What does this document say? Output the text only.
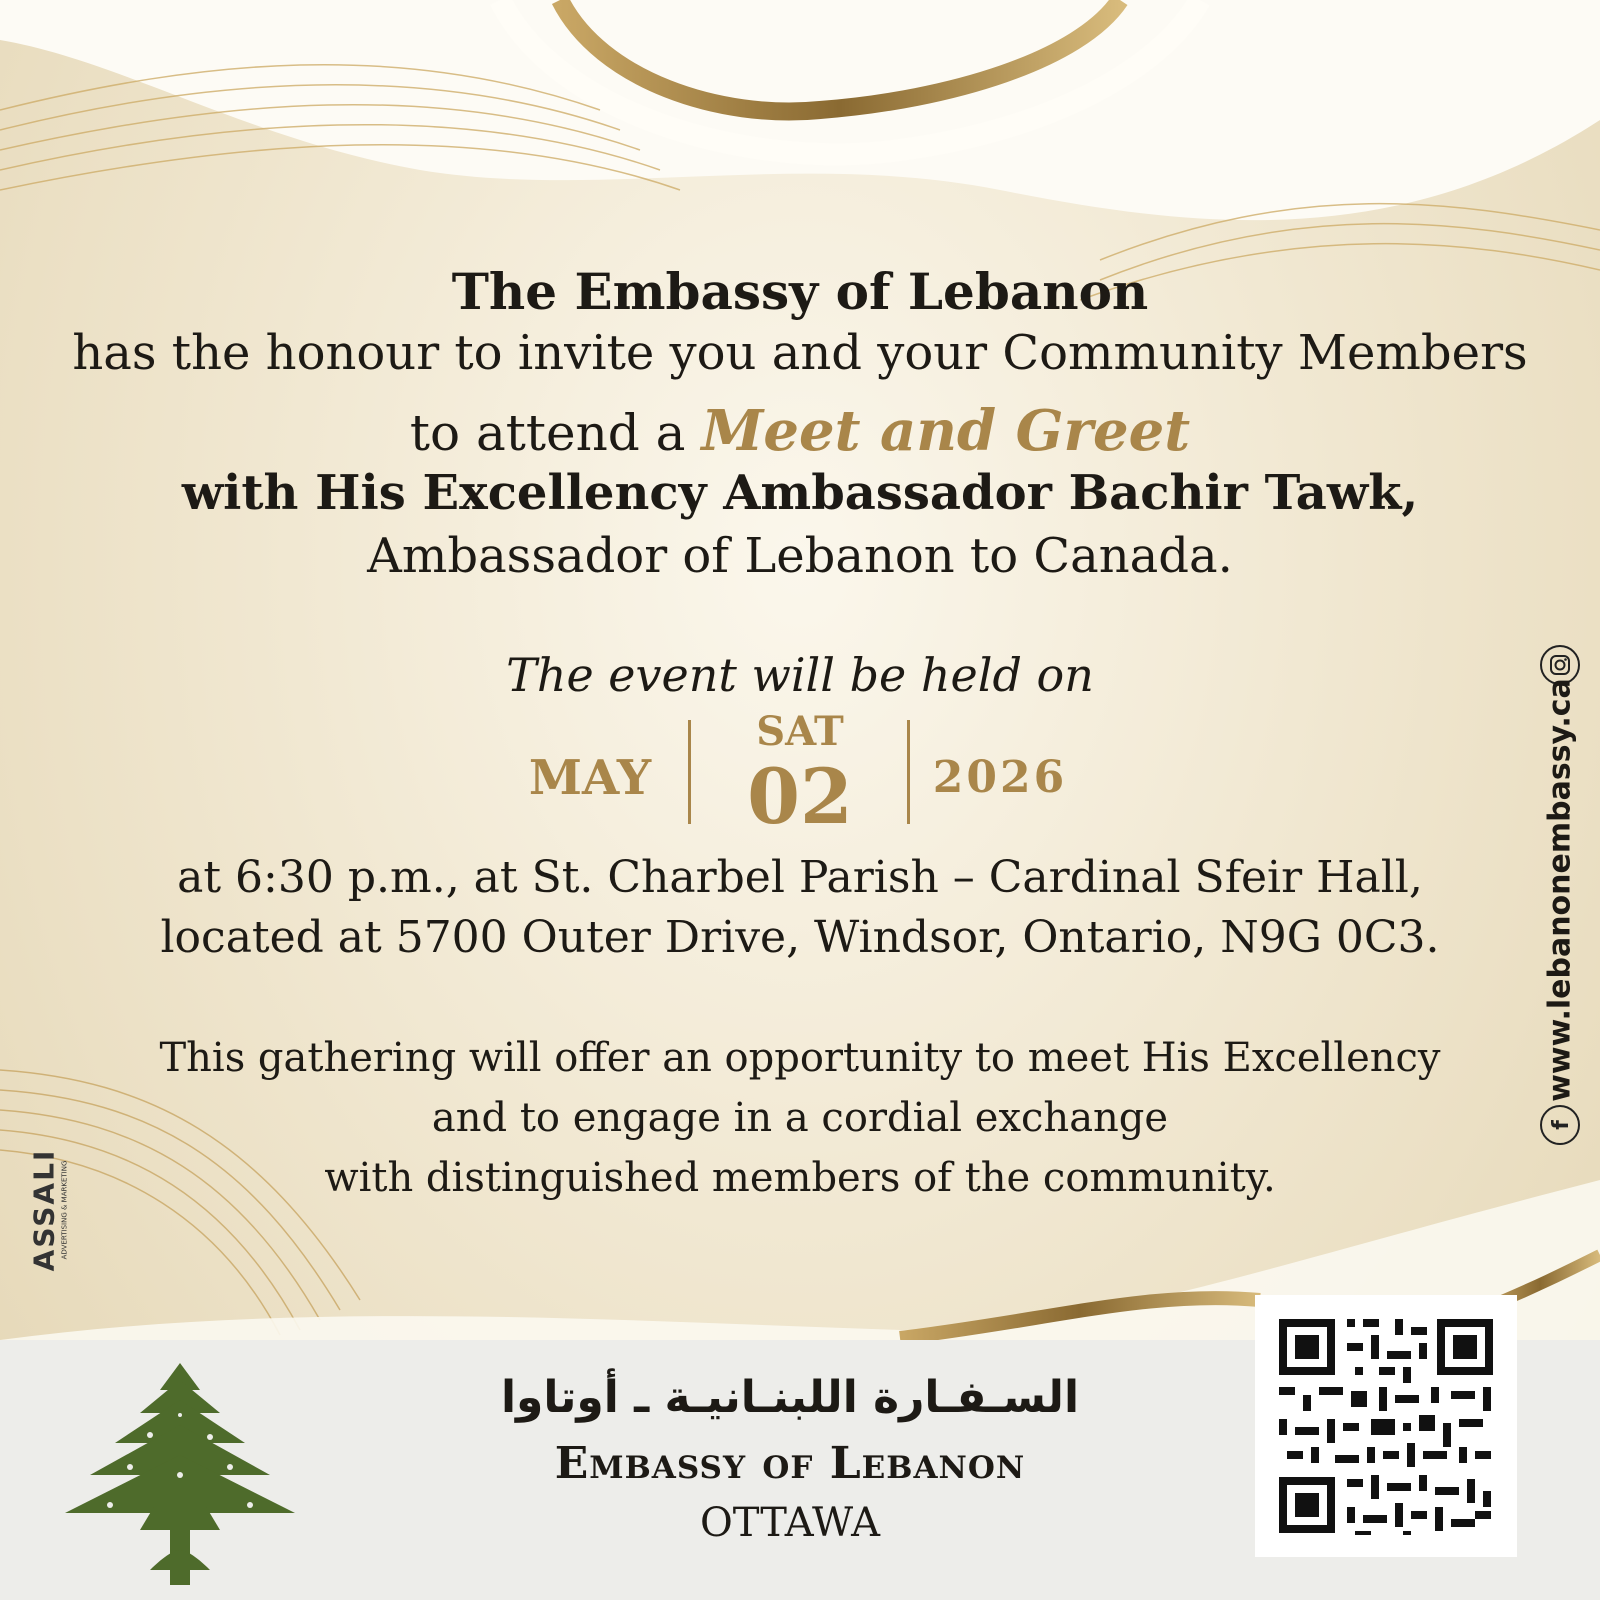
The Embassy of Lebanon
has the honour to invite you and your Community Members
to attend a Meet and Greet
with His Excellency Ambassador Bachir Tawk,
Ambassador of Lebanon to Canada.
The event will be held on
MAY
SAT
02	2026
at 6:30 p.m., at St. Charbel Parish – Cardinal Sfeir Hall,
located at 5700 Outer Drive, Windsor, Ontario, N9G 0C3.
This gathering will offer an opportunity to meet His Excellency
and to engage in a cordial exchange
with distinguished members of the community.
www.lebanonembassy.ca
f
ASSALI ADVERTISING & MARKETING
السـفـارة اللبنـانيـة ـ أوتاوا
Embassy of Lebanon
OTTAWA
